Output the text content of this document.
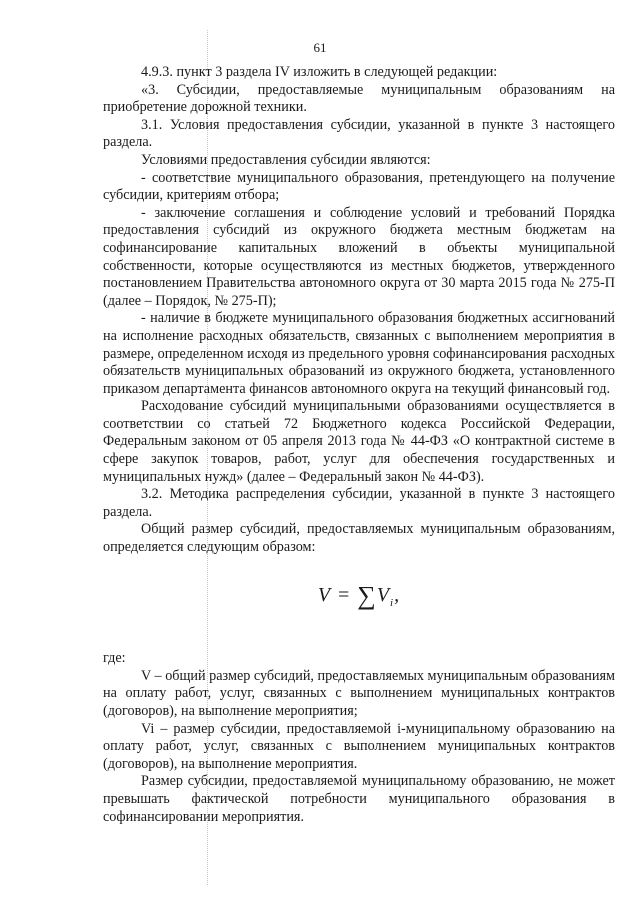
61

4.9.3. пункт 3 раздела IV изложить в следующей редакции:

«3. Субсидии, предоставляемые муниципальным образованиям на приобретение дорожной техники.

3.1. Условия предоставления субсидии, указанной в пункте 3 настоящего раздела.

Условиями предоставления субсидии являются:

- соответствие муниципального образования, претендующего на получение субсидии, критериям отбора;

- заключение соглашения и соблюдение условий и требований Порядка предоставления субсидий из окружного бюджета местным бюджетам на софинансирование капитальных вложений в объекты муниципальной собственности, которые осуществляются из местных бюджетов, утвержденного постановлением Правительства автономного округа от 30 марта 2015 года № 275-П (далее – Порядок, № 275-П);

- наличие в бюджете муниципального образования бюджетных ассигнований на исполнение расходных обязательств, связанных с выполнением мероприятия в размере, определенном исходя из предельного уровня софинансирования расходных обязательств муниципальных образований из окружного бюджета, установленного приказом департамента финансов автономного округа на текущий финансовый год.

Расходование субсидий муниципальными образованиями осуществляется в соответствии со статьей 72 Бюджетного кодекса Российской Федерации, Федеральным законом от 05 апреля 2013 года № 44-ФЗ «О контрактной системе в сфере закупок товаров, работ, услуг для обеспечения государственных и муниципальных нужд» (далее – Федеральный закон № 44-ФЗ).

3.2. Методика распределения субсидии, указанной в пункте 3 настоящего раздела.

Общий размер субсидий, предоставляемых муниципальным образованиям, определяется следующим образом:

$V = \sum V_i$,

где:

V – общий размер субсидий, предоставляемых муниципальным образованиям на оплату работ, услуг, связанных с выполнением муниципальных контрактов (договоров), на выполнение мероприятия;

Vi – размер субсидии, предоставляемой i-муниципальному образованию на оплату работ, услуг, связанных с выполнением муниципальных контрактов (договоров), на выполнение мероприятия.

Размер субсидии, предоставляемой муниципальному образованию, не может превышать фактической потребности муниципального образования в софинансировании мероприятия.
